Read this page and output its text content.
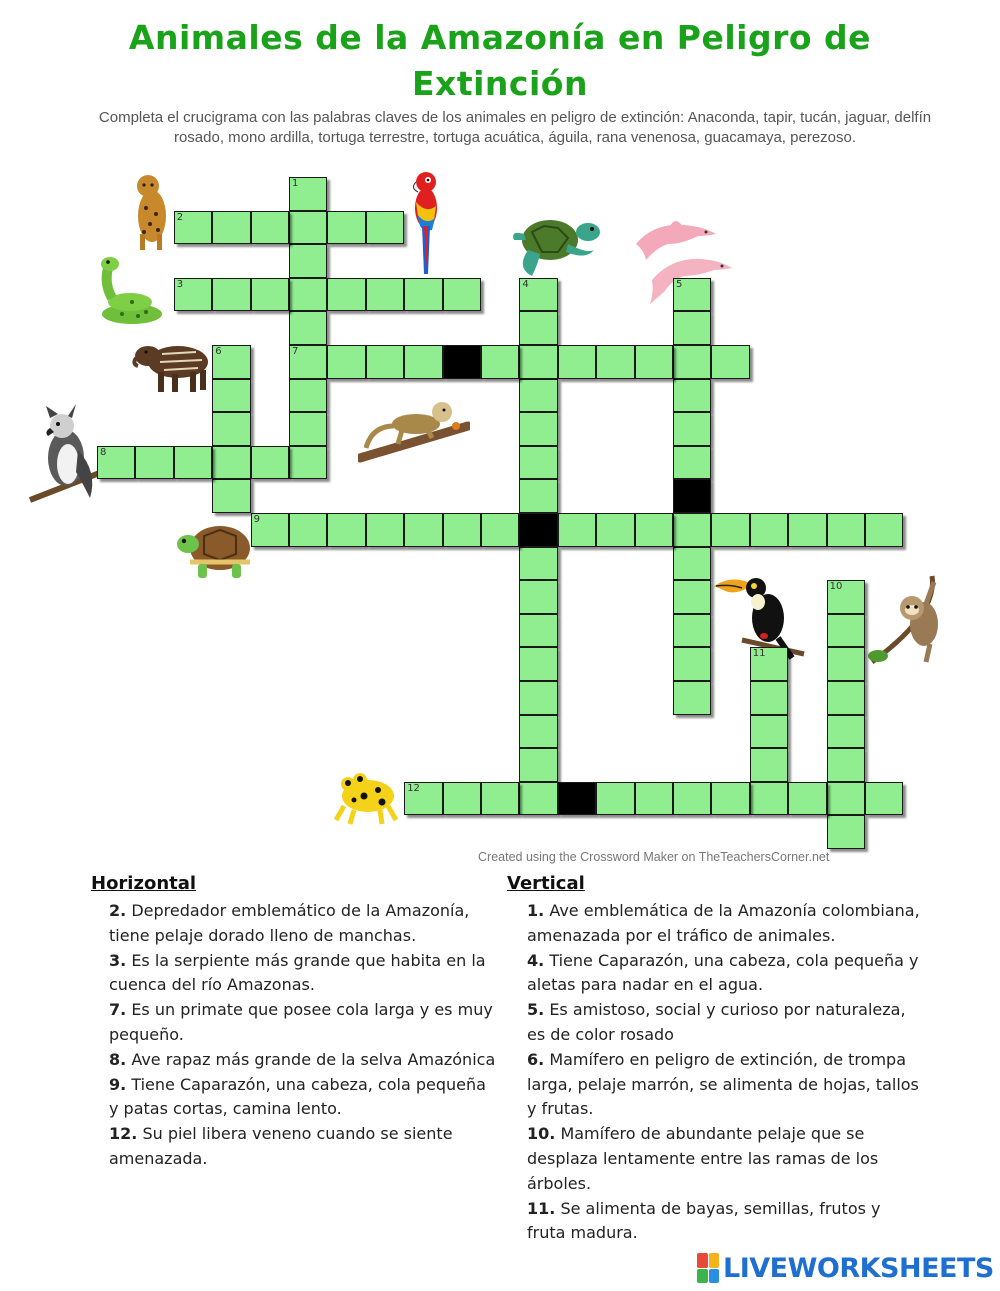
Animales de la Amazonía en Peligro de
Extinción
Completa el crucigrama con las palabras claves de los animales en peligro de extinción: Anaconda, tapir, tucán, jaguar, delfín rosado, mono ardilla, tortuga terrestre, tortuga acuática, águila, rana venenosa, guacamaya, perezoso.
1
2
3	4	5
6	7
8
9
10
11
12
Created using the Crossword Maker on TheTeachersCorner.net
Horizontal
2. Depredador emblemático de la Amazonía, tiene pelaje dorado lleno de manchas.
3. Es la serpiente más grande que habita en la cuenca del río Amazonas.
7. Es un primate que posee cola larga y es muy pequeño.
8. Ave rapaz más grande de la selva Amazónica
9. Tiene Caparazón, una cabeza, cola pequeña y patas cortas, camina lento.
12. Su piel libera veneno cuando se siente amenazada.
Vertical
1. Ave emblemática de la Amazonía colombiana, amenazada por el tráfico de animales.
4. Tiene Caparazón, una cabeza, cola pequeña y aletas para nadar en el agua.
5. Es amistoso, social y curioso por naturaleza, es de color rosado
6. Mamífero en peligro de extinción, de trompa larga, pelaje marrón, se alimenta de hojas, tallos y frutas.
10. Mamífero de abundante pelaje que se desplaza lentamente entre las ramas de los árboles.
11. Se alimenta de bayas, semillas, frutos y fruta madura.
LIVEWORKSHEETS
